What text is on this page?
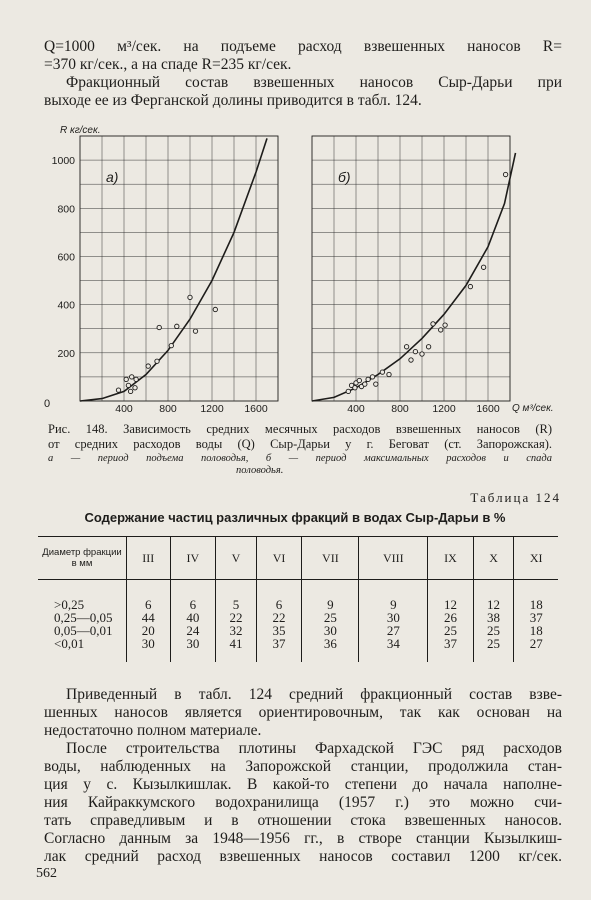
Q=1000 м³/сек. на подъеме расход взвешенных наносов R=
=370 кг/сек., а на спаде R=235 кг/сек.
Фракционный состав взвешенных наносов Сыр-Дарьи при
выходе ее из Ферганской долины приводится в табл. 124.
R кг/сек.
0
а)
400	800 1200 1600
200
400
600
800
1000
б)
400	800 1200 1600 Q м³/сек.
Рис. 148. Зависимость средних месячных расходов взвешенных наносов (R)
от средних расходов воды (Q) Сыр-Дарьи у г. Беговат (ст. Запорожская).
а — период подъема половодья, б — период максимальных расходов и спада
половодья.
Таблица 124
Содержание частиц различных фракций в водах Сыр-Дарьи в %
Диаметр фракции в мм	III	IV	V	VI	VII	VIII	IX	X	XI

>0,25	6	6	5	6	9	9	12	12	18
0,25—0,05	44	40	22	22	25	30	26	38	37
0,05—0,01	20	24	32	35	30	27	25	25	18
<0,01	30	30	41	37	36	34	37	25	27
Приведенный в табл. 124 средний фракционный состав взве-
шенных наносов является ориентировочным, так как основан на
недостаточно полном материале.
После строительства плотины Фархадской ГЭС ряд расходов
воды, наблюденных на Запорожской станции, продолжила стан-
ция у с. Кызылкишлак. В какой-то степени до начала наполне-
ния Кайраккумского водохранилища (1957 г.) это можно счи-
тать справедливым и в отношении стока взвешенных наносов.
Согласно данным за 1948—1956 гг., в створе станции Кызылкиш-
лак средний расход взвешенных наносов составил 1200 кг/сек.
562
